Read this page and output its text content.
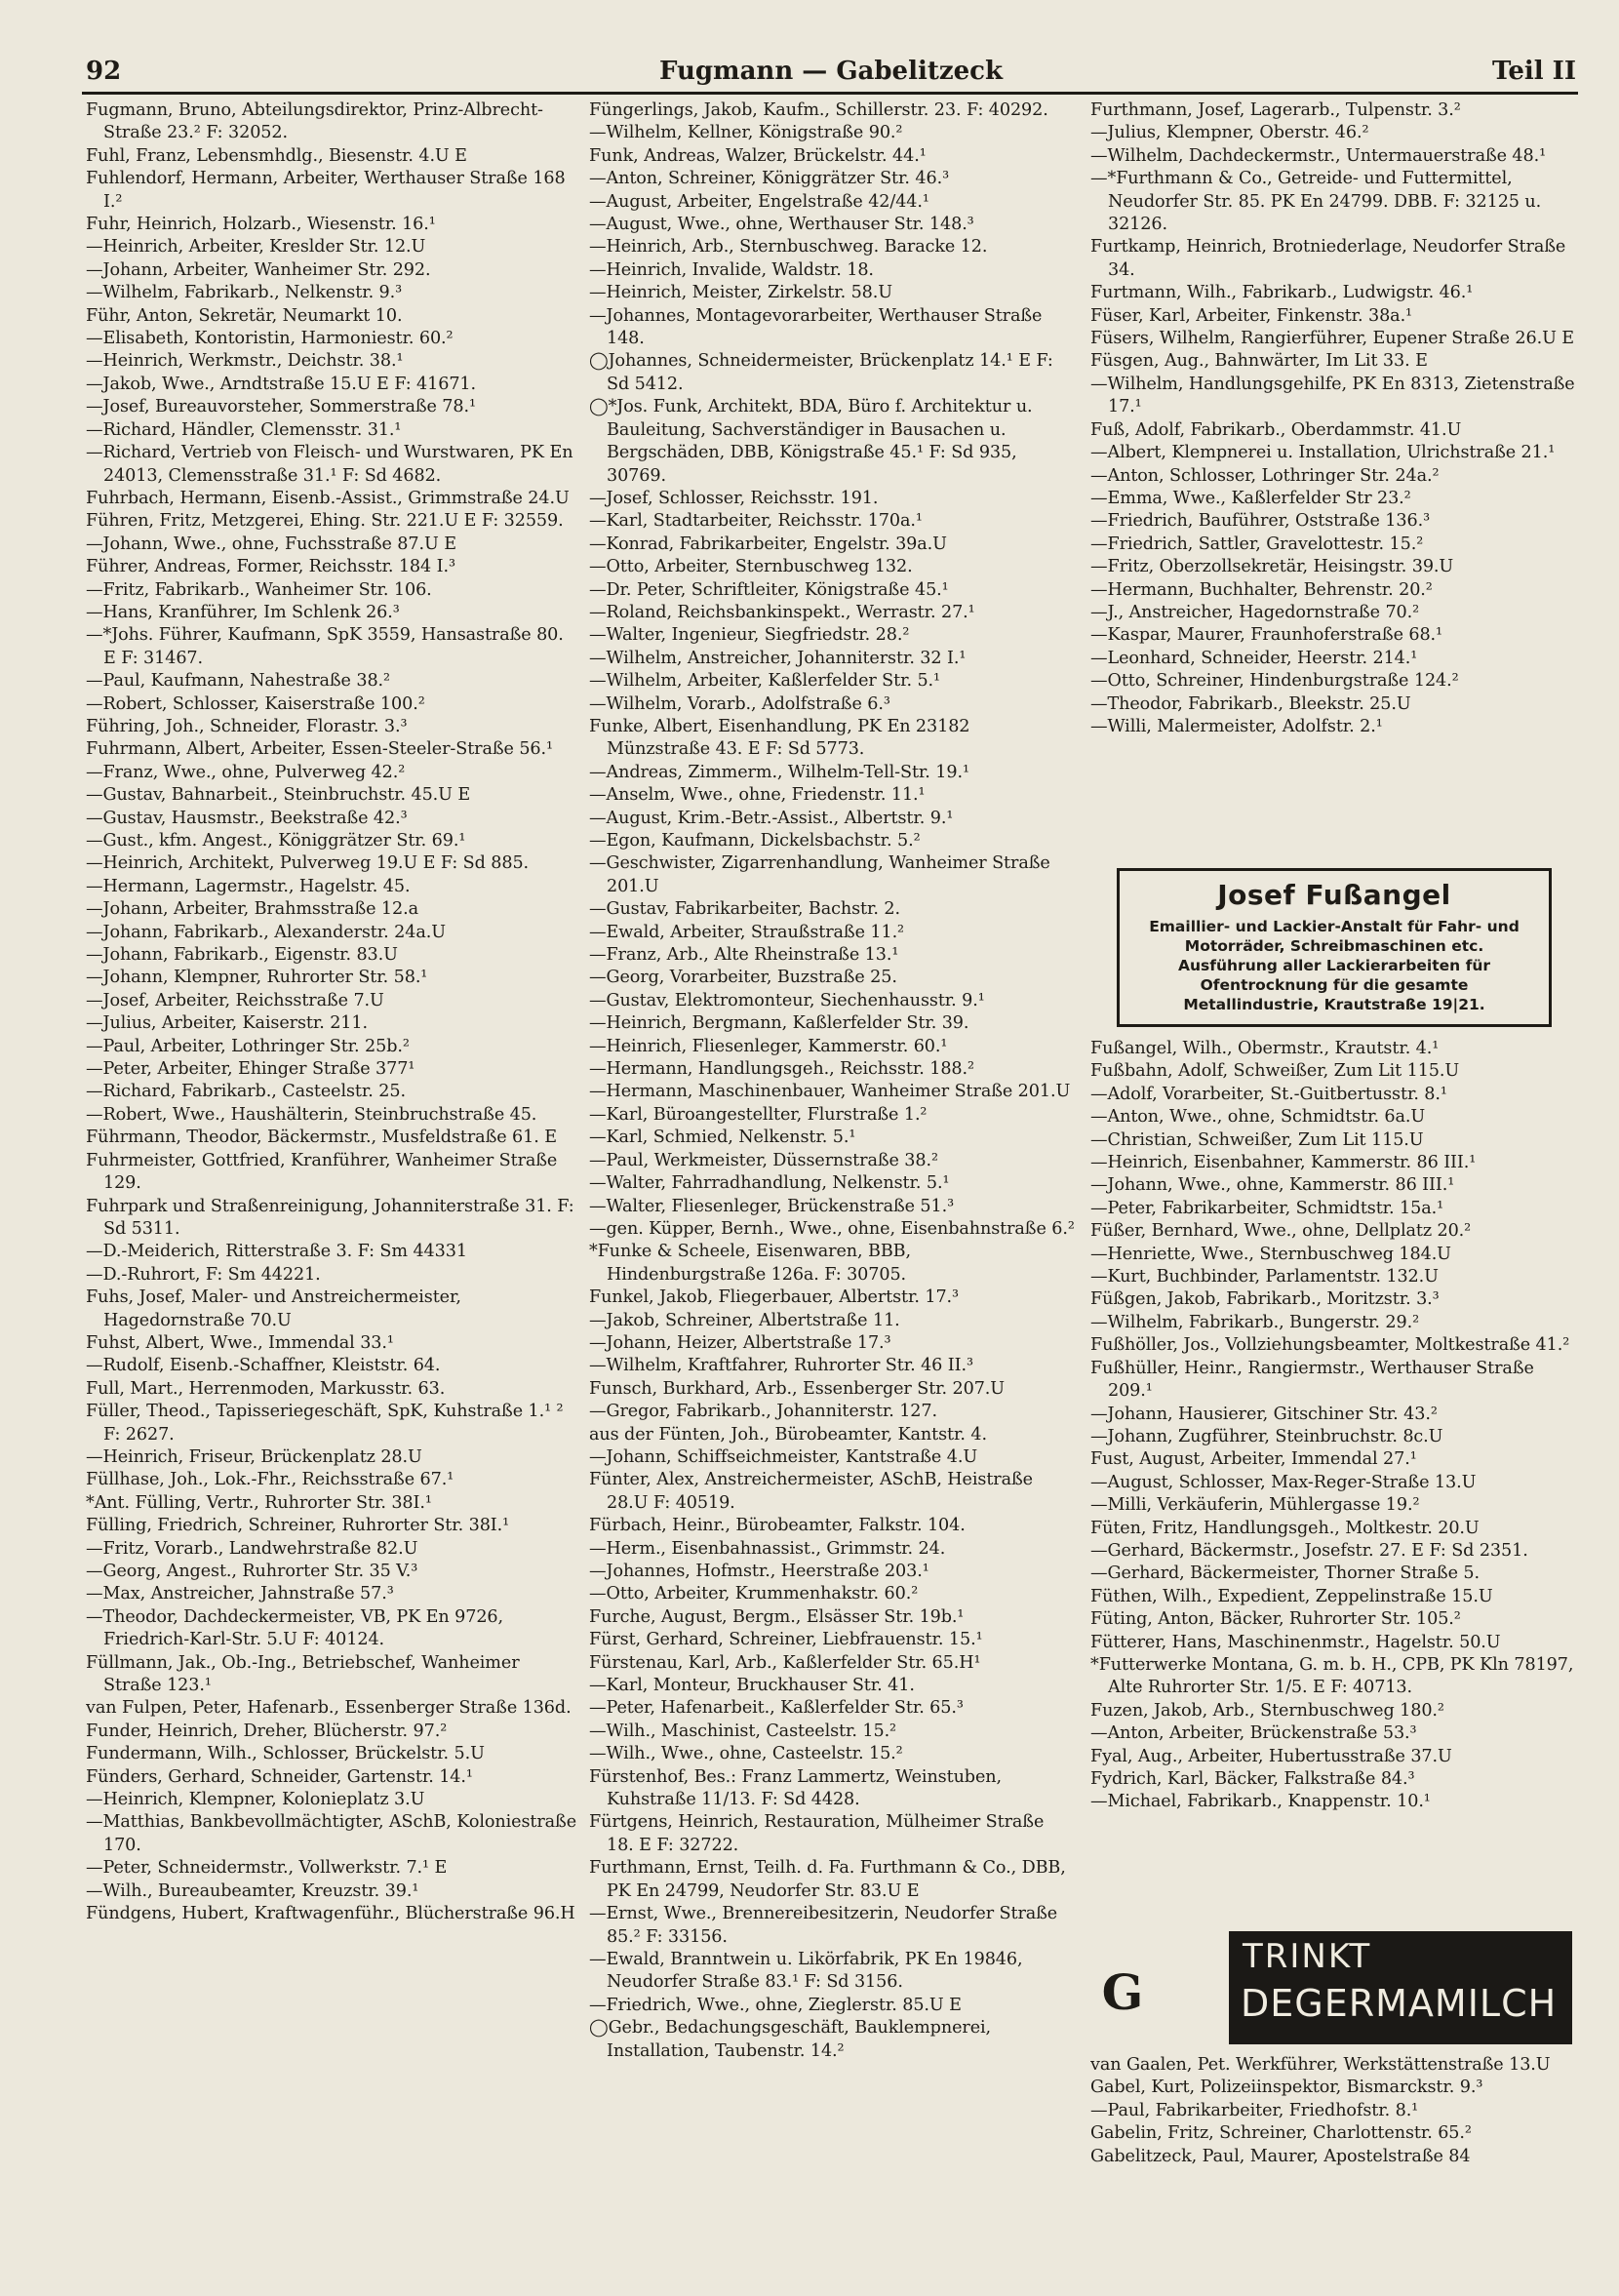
92	Fugmann — Gabelitzeck	Teil II

Fugmann, Bruno, Abteilungsdirektor, Prinz-Albrecht-Straße 23.² F: 32052.

Fuhl, Franz, Lebensmhdlg., Biesenstr. 4.U E

Fuhlendorf, Hermann, Arbeiter, Werthauser Straße 168 I.²

Fuhr, Heinrich, Holzarb., Wiesenstr. 16.¹

—Heinrich, Arbeiter, Kreslder Str. 12.U

—Johann, Arbeiter, Wanheimer Str. 292.

—Wilhelm, Fabrikarb., Nelkenstr. 9.³

Führ, Anton, Sekretär, Neumarkt 10.

—Elisabeth, Kontoristin, Harmoniestr. 60.²

—Heinrich, Werkmstr., Deichstr. 38.¹

—Jakob, Wwe., Arndtstraße 15.U E F: 41671.

—Josef, Bureauvorsteher, Sommerstraße 78.¹

—Richard, Händler, Clemensstr. 31.¹

—Richard, Vertrieb von Fleisch- und Wurstwaren, PK En 24013, Clemensstraße 31.¹ F: Sd 4682.

Fuhrbach, Hermann, Eisenb.-Assist., Grimmstraße 24.U

Führen, Fritz, Metzgerei, Ehing. Str. 221.U E F: 32559.

—Johann, Wwe., ohne, Fuchsstraße 87.U E

Führer, Andreas, Former, Reichsstr. 184 I.³

—Fritz, Fabrikarb., Wanheimer Str. 106.

—Hans, Kranführer, Im Schlenk 26.³

—*Johs. Führer, Kaufmann, SpK 3559, Hansastraße 80. E F: 31467.

—Paul, Kaufmann, Nahestraße 38.²

—Robert, Schlosser, Kaiserstraße 100.²

Führing, Joh., Schneider, Florastr. 3.³

Fuhrmann, Albert, Arbeiter, Essen-Steeler-Straße 56.¹

—Franz, Wwe., ohne, Pulverweg 42.²

—Gustav, Bahnarbeit., Steinbruchstr. 45.U E

—Gustav, Hausmstr., Beekstraße 42.³

—Gust., kfm. Angest., Königgrätzer Str. 69.¹

—Heinrich, Architekt, Pulverweg 19.U E F: Sd 885.

—Hermann, Lagermstr., Hagelstr. 45.

—Johann, Arbeiter, Brahmsstraße 12.a

—Johann, Fabrikarb., Alexanderstr. 24a.U

—Johann, Fabrikarb., Eigenstr. 83.U

—Johann, Klempner, Ruhrorter Str. 58.¹

—Josef, Arbeiter, Reichsstraße 7.U

—Julius, Arbeiter, Kaiserstr. 211.

—Paul, Arbeiter, Lothringer Str. 25b.²

—Peter, Arbeiter, Ehinger Straße 377¹

—Richard, Fabrikarb., Casteelstr. 25.

—Robert, Wwe., Haushälterin, Steinbruchstraße 45.

Führmann, Theodor, Bäckermstr., Musfeldstraße 61. E

Fuhrmeister, Gottfried, Kranführer, Wanheimer Straße 129.

Fuhrpark und Straßenreinigung, Johanniterstraße 31. F: Sd 5311.

—D.-Meiderich, Ritterstraße 3. F: Sm 44331

—D.-Ruhrort, F: Sm 44221.

Fuhs, Josef, Maler- und Anstreichermeister, Hagedornstraße 70.U

Fuhst, Albert, Wwe., Immendal 33.¹

—Rudolf, Eisenb.-Schaffner, Kleiststr. 64.

Full, Mart., Herrenmoden, Markusstr. 63.

Füller, Theod., Tapisseriegeschäft, SpK, Kuhstraße 1.¹ ² F: 2627.

—Heinrich, Friseur, Brückenplatz 28.U

Füllhase, Joh., Lok.-Fhr., Reichsstraße 67.¹

*Ant. Fülling, Vertr., Ruhrorter Str. 38I.¹

Fülling, Friedrich, Schreiner, Ruhrorter Str. 38I.¹

—Fritz, Vorarb., Landwehrstraße 82.U

—Georg, Angest., Ruhrorter Str. 35 V.³

—Max, Anstreicher, Jahnstraße 57.³

—Theodor, Dachdeckermeister, VB, PK En 9726, Friedrich-Karl-Str. 5.U F: 40124.

Füllmann, Jak., Ob.-Ing., Betriebschef, Wanheimer Straße 123.¹

van Fulpen, Peter, Hafenarb., Essenberger Straße 136d.

Funder, Heinrich, Dreher, Blücherstr. 97.²

Fundermann, Wilh., Schlosser, Brückelstr. 5.U

Fünders, Gerhard, Schneider, Gartenstr. 14.¹

—Heinrich, Klempner, Kolonieplatz 3.U

—Matthias, Bankbevollmächtigter, ASchB, Koloniestraße 170.

—Peter, Schneidermstr., Vollwerkstr. 7.¹ E

—Wilh., Bureaubeamter, Kreuzstr. 39.¹

Fündgens, Hubert, Kraftwagenführ., Blücherstraße 96.H

Füngerlings, Jakob, Kaufm., Schillerstr. 23. F: 40292.

—Wilhelm, Kellner, Königstraße 90.²

Funk, Andreas, Walzer, Brückelstr. 44.¹

—Anton, Schreiner, Königgrätzer Str. 46.³

—August, Arbeiter, Engelstraße 42/44.¹

—August, Wwe., ohne, Werthauser Str. 148.³

—Heinrich, Arb., Sternbuschweg. Baracke 12.

—Heinrich, Invalide, Waldstr. 18.

—Heinrich, Meister, Zirkelstr. 58.U

—Johannes, Montagevorarbeiter, Werthauser Straße 148.

◯Johannes, Schneidermeister, Brückenplatz 14.¹ E F: Sd 5412.

◯*Jos. Funk, Architekt, BDA, Büro f. Architektur u. Bauleitung, Sachverständiger in Bausachen u. Bergschäden, DBB, Königstraße 45.¹ F: Sd 935, 30769.

—Josef, Schlosser, Reichsstr. 191.

—Karl, Stadtarbeiter, Reichsstr. 170a.¹

—Konrad, Fabrikarbeiter, Engelstr. 39a.U

—Otto, Arbeiter, Sternbuschweg 132.

—Dr. Peter, Schriftleiter, Königstraße 45.¹

—Roland, Reichsbankinspekt., Werrastr. 27.¹

—Walter, Ingenieur, Siegfriedstr. 28.²

—Wilhelm, Anstreicher, Johanniterstr. 32 I.¹

—Wilhelm, Arbeiter, Kaßlerfelder Str. 5.¹

—Wilhelm, Vorarb., Adolfstraße 6.³

Funke, Albert, Eisenhandlung, PK En 23182 Münzstraße 43. E F: Sd 5773.

—Andreas, Zimmerm., Wilhelm-Tell-Str. 19.¹

—Anselm, Wwe., ohne, Friedenstr. 11.¹

—August, Krim.-Betr.-Assist., Albertstr. 9.¹

—Egon, Kaufmann, Dickelsbachstr. 5.²

—Geschwister, Zigarrenhandlung, Wanheimer Straße 201.U

—Gustav, Fabrikarbeiter, Bachstr. 2.

—Ewald, Arbeiter, Straußstraße 11.²

—Franz, Arb., Alte Rheinstraße 13.¹

—Georg, Vorarbeiter, Buzstraße 25.

—Gustav, Elektromonteur, Siechenhausstr. 9.¹

—Heinrich, Bergmann, Kaßlerfelder Str. 39.

—Heinrich, Fliesenleger, Kammerstr. 60.¹

—Hermann, Handlungsgeh., Reichsstr. 188.²

—Hermann, Maschinenbauer, Wanheimer Straße 201.U

—Karl, Büroangestellter, Flurstraße 1.²

—Karl, Schmied, Nelkenstr. 5.¹

—Paul, Werkmeister, Düssernstraße 38.²

—Walter, Fahrradhandlung, Nelkenstr. 5.¹

—Walter, Fliesenleger, Brückenstraße 51.³

—gen. Küpper, Bernh., Wwe., ohne, Eisenbahnstraße 6.²

*Funke & Scheele, Eisenwaren, BBB, Hindenburgstraße 126a. F: 30705.

Funkel, Jakob, Fliegerbauer, Albertstr. 17.³

—Jakob, Schreiner, Albertstraße 11.

—Johann, Heizer, Albertstraße 17.³

—Wilhelm, Kraftfahrer, Ruhrorter Str. 46 II.³

Funsch, Burkhard, Arb., Essenberger Str. 207.U

—Gregor, Fabrikarb., Johanniterstr. 127.

aus der Fünten, Joh., Bürobeamter, Kantstr. 4.

—Johann, Schiffseichmeister, Kantstraße 4.U

Fünter, Alex, Anstreichermeister, ASchB, Heistraße 28.U F: 40519.

Fürbach, Heinr., Bürobeamter, Falkstr. 104.

—Herm., Eisenbahnassist., Grimmstr. 24.

—Johannes, Hofmstr., Heerstraße 203.¹

—Otto, Arbeiter, Krummenhakstr. 60.²

Furche, August, Bergm., Elsässer Str. 19b.¹

Fürst, Gerhard, Schreiner, Liebfrauenstr. 15.¹

Fürstenau, Karl, Arb., Kaßlerfelder Str. 65.H¹

—Karl, Monteur, Bruckhauser Str. 41.

—Peter, Hafenarbeit., Kaßlerfelder Str. 65.³

—Wilh., Maschinist, Casteelstr. 15.²

—Wilh., Wwe., ohne, Casteelstr. 15.²

Fürstenhof, Bes.: Franz Lammertz, Weinstuben, Kuhstraße 11/13. F: Sd 4428.

Fürtgens, Heinrich, Restauration, Mülheimer Straße 18. E F: 32722.

Furthmann, Ernst, Teilh. d. Fa. Furthmann & Co., DBB, PK En 24799, Neudorfer Str. 83.U E

—Ernst, Wwe., Brennereibesitzerin, Neudorfer Straße 85.² F: 33156.

—Ewald, Branntwein u. Likörfabrik, PK En 19846, Neudorfer Straße 83.¹ F: Sd 3156.

—Friedrich, Wwe., ohne, Zieglerstr. 85.U E

◯Gebr., Bedachungsgeschäft, Bauklempnerei, Installation, Taubenstr. 14.²

Furthmann, Josef, Lagerarb., Tulpenstr. 3.²

—Julius, Klempner, Oberstr. 46.²

—Wilhelm, Dachdeckermstr., Untermauerstraße 48.¹

—*Furthmann & Co., Getreide- und Futtermittel, Neudorfer Str. 85. PK En 24799. DBB. F: 32125 u. 32126.

Furtkamp, Heinrich, Brotniederlage, Neudorfer Straße 34.

Furtmann, Wilh., Fabrikarb., Ludwigstr. 46.¹

Füser, Karl, Arbeiter, Finkenstr. 38a.¹

Füsers, Wilhelm, Rangierführer, Eupener Straße 26.U E

Füsgen, Aug., Bahnwärter, Im Lit 33. E

—Wilhelm, Handlungsgehilfe, PK En 8313, Zietenstraße 17.¹

Fuß, Adolf, Fabrikarb., Oberdammstr. 41.U

—Albert, Klempnerei u. Installation, Ulrichstraße 21.¹

—Anton, Schlosser, Lothringer Str. 24a.²

—Emma, Wwe., Kaßlerfelder Str 23.²

—Friedrich, Bauführer, Oststraße 136.³

—Friedrich, Sattler, Gravelottestr. 15.²

—Fritz, Oberzollsekretär, Heisingstr. 39.U

—Hermann, Buchhalter, Behrenstr. 20.²

—J., Anstreicher, Hagedornstraße 70.²

—Kaspar, Maurer, Fraunhoferstraße 68.¹

—Leonhard, Schneider, Heerstr. 214.¹

—Otto, Schreiner, Hindenburgstraße 124.²

—Theodor, Fabrikarb., Bleekstr. 25.U

—Willi, Malermeister, Adolfstr. 2.¹

Fußangel, Wilh., Obermstr., Krautstr. 4.¹

Fußbahn, Adolf, Schweißer, Zum Lit 115.U

—Adolf, Vorarbeiter, St.-Guitbertusstr. 8.¹

—Anton, Wwe., ohne, Schmidtstr. 6a.U

—Christian, Schweißer, Zum Lit 115.U

—Heinrich, Eisenbahner, Kammerstr. 86 III.¹

—Johann, Wwe., ohne, Kammerstr. 86 III.¹

—Peter, Fabrikarbeiter, Schmidtstr. 15a.¹

Füßer, Bernhard, Wwe., ohne, Dellplatz 20.²

—Henriette, Wwe., Sternbuschweg 184.U

—Kurt, Buchbinder, Parlamentstr. 132.U

Füßgen, Jakob, Fabrikarb., Moritzstr. 3.³

—Wilhelm, Fabrikarb., Bungerstr. 29.²

Fußhöller, Jos., Vollziehungsbeamter, Moltkestraße 41.²

Fußhüller, Heinr., Rangiermstr., Werthauser Straße 209.¹

—Johann, Hausierer, Gitschiner Str. 43.²

—Johann, Zugführer, Steinbruchstr. 8c.U

Fust, August, Arbeiter, Immendal 27.¹

—August, Schlosser, Max-Reger-Straße 13.U

—Milli, Verkäuferin, Mühlergasse 19.²

Füten, Fritz, Handlungsgeh., Moltkestr. 20.U

—Gerhard, Bäckermstr., Josefstr. 27. E F: Sd 2351.

—Gerhard, Bäckermeister, Thorner Straße 5.

Füthen, Wilh., Expedient, Zeppelinstraße 15.U

Füting, Anton, Bäcker, Ruhrorter Str. 105.²

Fütterer, Hans, Maschinenmstr., Hagelstr. 50.U

*Futterwerke Montana, G. m. b. H., CPB, PK Kln 78197, Alte Ruhrorter Str. 1/5. E F: 40713.

Fuzen, Jakob, Arb., Sternbuschweg 180.²

—Anton, Arbeiter, Brückenstraße 53.³

Fyal, Aug., Arbeiter, Hubertusstraße 37.U

Fydrich, Karl, Bäcker, Falkstraße 84.³

—Michael, Fabrikarb., Knappenstr. 10.¹

van Gaalen, Pet. Werkführer, Werkstättenstraße 13.U

Gabel, Kurt, Polizeiinspektor, Bismarckstr. 9.³

—Paul, Fabrikarbeiter, Friedhofstr. 8.¹

Gabelin, Fritz, Schreiner, Charlottenstr. 65.²

Gabelitzeck, Paul, Maurer, Apostelstraße 84

Josef Fußangel
Emaillier- und Lackier-Anstalt für Fahr- und Motorräder, Schreibmaschinen etc. Ausführung aller Lackierarbeiten für Ofentrocknung für die gesamte Metallindustrie, Krautstraße 19|21.
G
TRINKT
DEGERMAMILCH
